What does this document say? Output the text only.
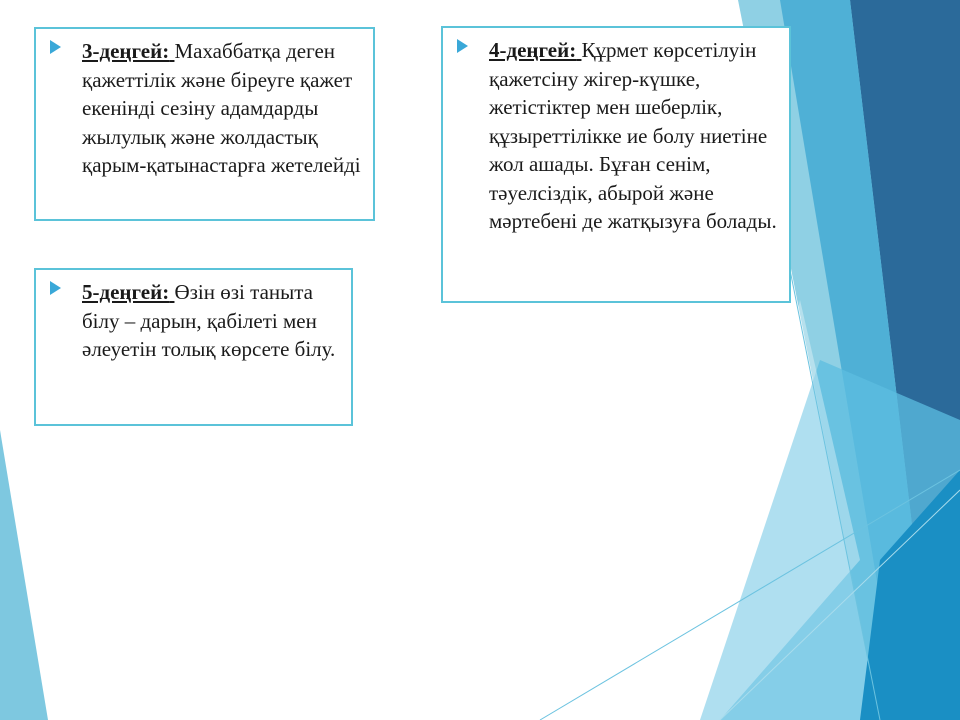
3-деңгей: Махаббатқа деген қажеттілік және біреуге қажет екенінді сезіну адамдарды жылулық және жолдастық қарым-қатынастарға жетелейді
4-деңгей: Құрмет көрсетілуін қажетсіну жігер-күшке, жетістіктер мен шеберлік, құзыреттілікке ие болу ниетіне жол ашады. Бұған сенім, тәуелсіздік, абырой және мәртебені де жатқызуға болады.
5-деңгей: Өзін өзі таныта білу – дарын, қабілеті мен әлеуетін толық көрсете білу.
